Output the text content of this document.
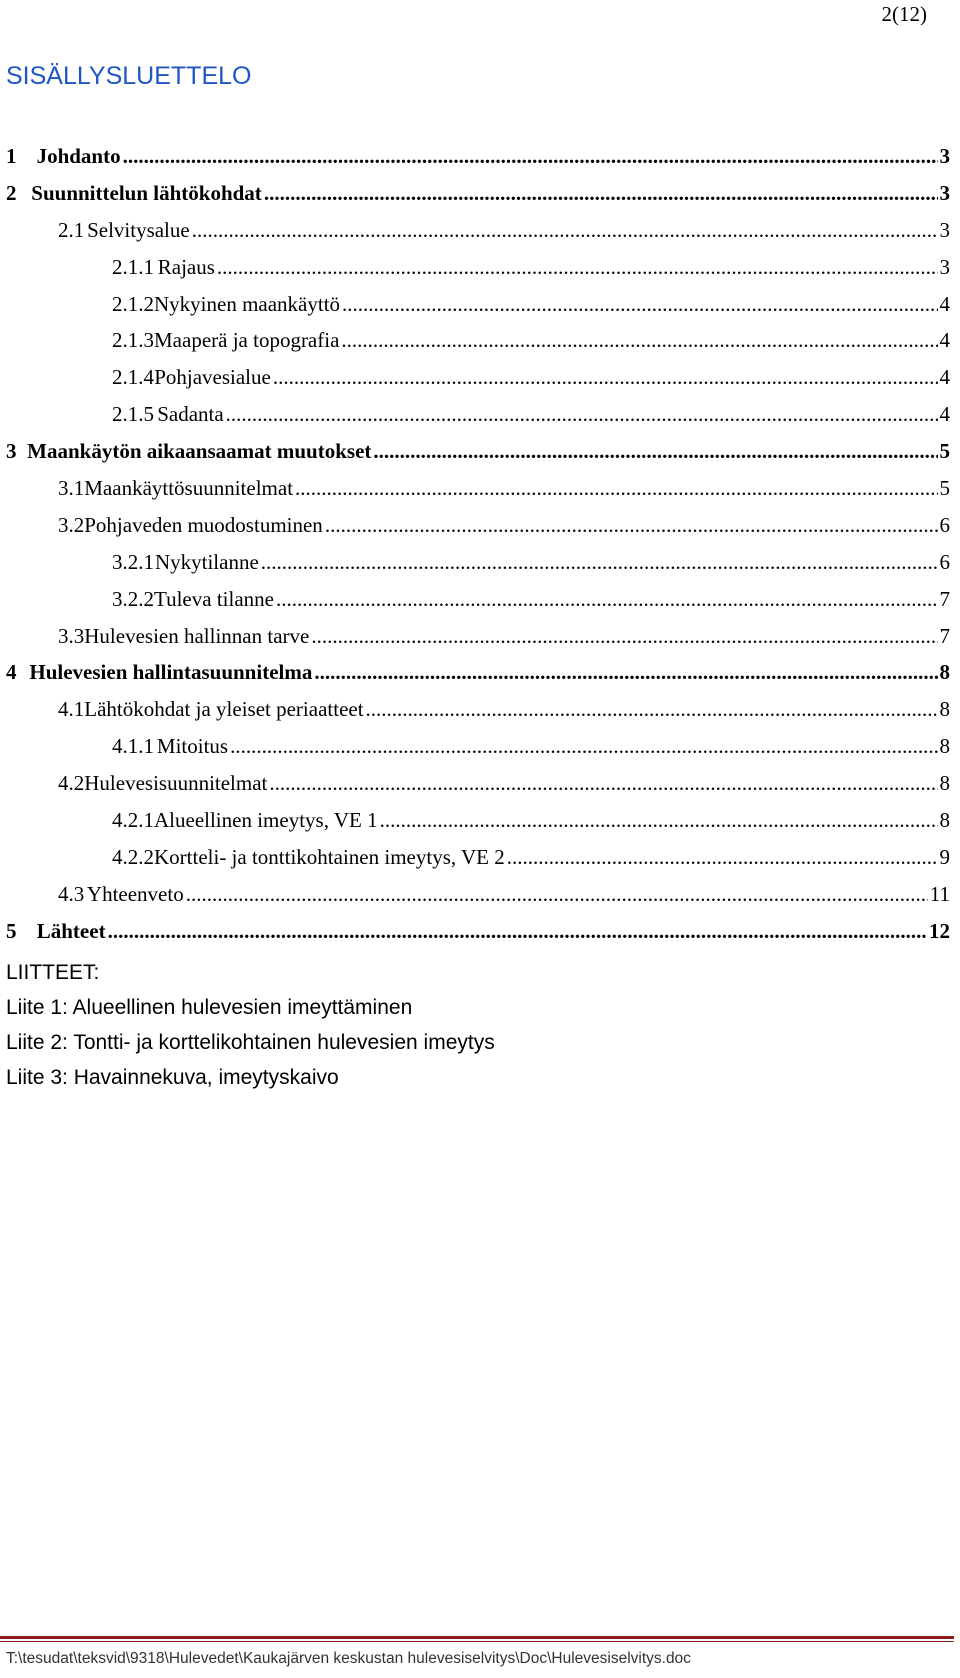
2(12)
SISÄLLYSLUETTELO
1 Johdanto .....	3
2 Suunnittelun lähtökohdat .....	3
2.1 Selvitysalue .....	3
2.1.1 Rajaus .....	3
2.1.2 Nykyinen maankäyttö .....	4
2.1.3 Maaperä ja topografia .....	4
2.1.4 Pohjavesialue .....	4
2.1.5 Sadanta .....	4
3 Maankäytön aikaansaamat muutokset .....	5
3.1 Maankäyttösuunnitelmat .....	5
3.2 Pohjaveden muodostuminen .....	6
3.2.1 Nykytilanne .....	6
3.2.2 Tuleva tilanne .....	7
3.3 Hulevesien hallinnan tarve .....	7
4 Hulevesien hallintasuunnitelma .....	8
4.1 Lähtökohdat ja yleiset periaatteet .....	8
4.1.1 Mitoitus .....	8
4.2 Hulevesisuunnitelmat .....	8
4.2.1 Alueellinen imeytys, VE 1 .....	8
4.2.2 Kortteli- ja tonttikohtainen imeytys, VE 2 .....	9
4.3 Yhteenveto .....	11
5 Lähteet .....	12
LIITTEET:
Liite 1: Alueellinen hulevesien imeyttäminen
Liite 2: Tontti- ja korttelikohtainen hulevesien imeytys
Liite 3: Havainnekuva, imeytyskaivo
T:\tesudat\teksvid\9318\Hulevedet\Kaukajärven keskustan hulevesiselvitys\Doc\Hulevesiselvitys.doc
